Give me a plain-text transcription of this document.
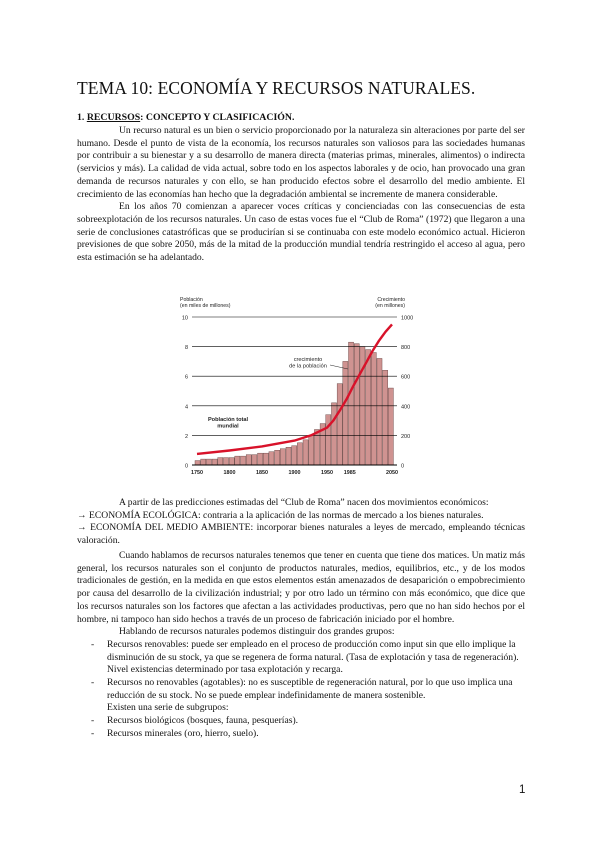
TEMA 10: ECONOMÍA Y RECURSOS NATURALES.
1. RECURSOS: CONCEPTO Y CLASIFICACIÓN.

Un recurso natural es un bien o servicio proporcionado por la naturaleza sin alteraciones por parte del ser humano. Desde el punto de vista de la economía, los recursos naturales son valiosos para las sociedades humanas por contribuir a su bienestar y a su desarrollo de manera directa (materias primas, minerales, alimentos) o indirecta (servicios y más). La calidad de vida actual, sobre todo en los aspectos laborales y de ocio, han provocado una gran demanda de recursos naturales y con ello, se han producido efectos sobre el desarrollo del medio ambiente. El crecimiento de las economías han hecho que la degradación ambiental se incremente de manera considerable.

En los años 70 comienzan a aparecer voces críticas y concienciadas con las consecuencias de esta sobreexplotación de los recursos naturales. Un caso de estas voces fue el “Club de Roma” (1972) que llegaron a una serie de conclusiones catastróficas que se producirían si se continuaba con este modelo económico actual. Hicieron previsiones de que sobre 2050, más de la mitad de la producción mundial tendría restringido el acceso al agua, pero esta estimación se ha adelantado.

0	0
2	200
4	400
6	600
8	800
10	1000
Población
(en miles de millones)
Crecimiento
(en millones)
1750	1800	1850	1900	1950 1985	2050
crecimiento
de la población
Población total
mundial

A partir de las predicciones estimadas del “Club de Roma” nacen dos movimientos económicos:

→ ECONOMÍA ECOLÓGICA: contraria a la aplicación de las normas de mercado a los bienes naturales.

→ ECONOMÍA DEL MEDIO AMBIENTE: incorporar bienes naturales a leyes de mercado, empleando técnicas valoración.

Cuando hablamos de recursos naturales tenemos que tener en cuenta que tiene dos matices. Un matiz más general, los recursos naturales son el conjunto de productos naturales, medios, equilibrios, etc., y de los modos tradicionales de gestión, en la medida en que estos elementos están amenazados de desaparición o empobrecimiento por causa del desarrollo de la civilización industrial; y por otro lado un término con más económico, que dice que los recursos naturales son los factores que afectan a las actividades productivas, pero que no han sido hechos por el hombre, ni tampoco han sido hechos a través de un proceso de fabricación iniciado por el hombre.

Hablando de recursos naturales podemos distinguir dos grandes grupos:

- Recursos renovables: puede ser empleado en el proceso de producción como input sin que ello implique la disminución de su stock, ya que se regenera de forma natural. (Tasa de explotación y tasa de regeneración). Nivel existencias determinado por tasa explotación y recarga.
- Recursos no renovables (agotables): no es susceptible de regeneración natural, por lo que uso implica una reducción de su stock. No se puede emplear indefinidamente de manera sostenible.

Existen una serie de subgrupos:

- Recursos biológicos (bosques, fauna, pesquerías).
- Recursos minerales (oro, hierro, suelo).
1
